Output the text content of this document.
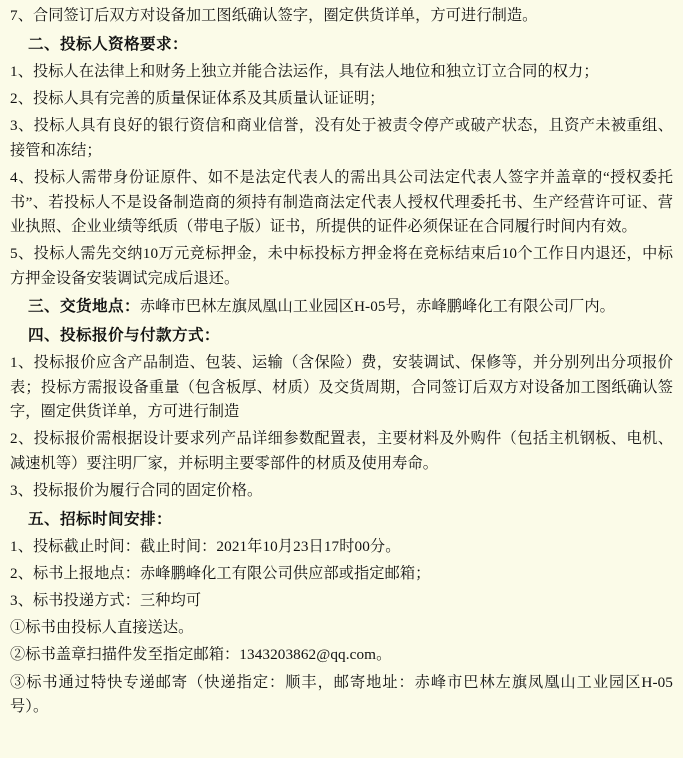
7、合同签订后双方对设备加工图纸确认签字，圈定供货详单，方可进行制造。

二、投标人资格要求：

1、投标人在法律上和财务上独立并能合法运作，具有法人地位和独立订立合同的权力；

2、投标人具有完善的质量保证体系及其质量认证证明；

3、投标人具有良好的银行资信和商业信誉，没有处于被责令停产或破产状态，且资产未被重组、接管和冻结；

4、投标人需带身份证原件、如不是法定代表人的需出具公司法定代表人签字并盖章的“授权委托书”、若投标人不是设备制造商的须持有制造商法定代表人授权代理委托书、生产经营许可证、营业执照、企业业绩等纸质（带电子版）证书，所提供的证件必须保证在合同履行时间内有效。

5、投标人需先交纳10万元竞标押金，未中标投标方押金将在竞标结束后10个工作日内退还，中标方押金设备安装调试完成后退还。

三、交货地点：赤峰市巴林左旗凤凰山工业园区H-05号，赤峰鹏峰化工有限公司厂内。

四、投标报价与付款方式：

1、投标报价应含产品制造、包装、运输（含保险）费，安装调试、保修等，并分别列出分项报价表；投标方需报设备重量（包含板厚、材质）及交货周期，合同签订后双方对设备加工图纸确认签字，圈定供货详单，方可进行制造

2、投标报价需根据设计要求列产品详细参数配置表，主要材料及外购件（包括主机钢板、电机、减速机等）要注明厂家，并标明主要零部件的材质及使用寿命。

3、投标报价为履行合同的固定价格。

五、招标时间安排：

1、投标截止时间：截止时间：2021年10月23日17时00分。

2、标书上报地点：赤峰鹏峰化工有限公司供应部或指定邮箱；

3、标书投递方式：三种均可

①标书由投标人直接送达。

②标书盖章扫描件发至指定邮箱：1343203862@qq.com。

③标书通过特快专递邮寄（快递指定：顺丰，邮寄地址：赤峰市巴林左旗凤凰山工业园区H-05号）。
